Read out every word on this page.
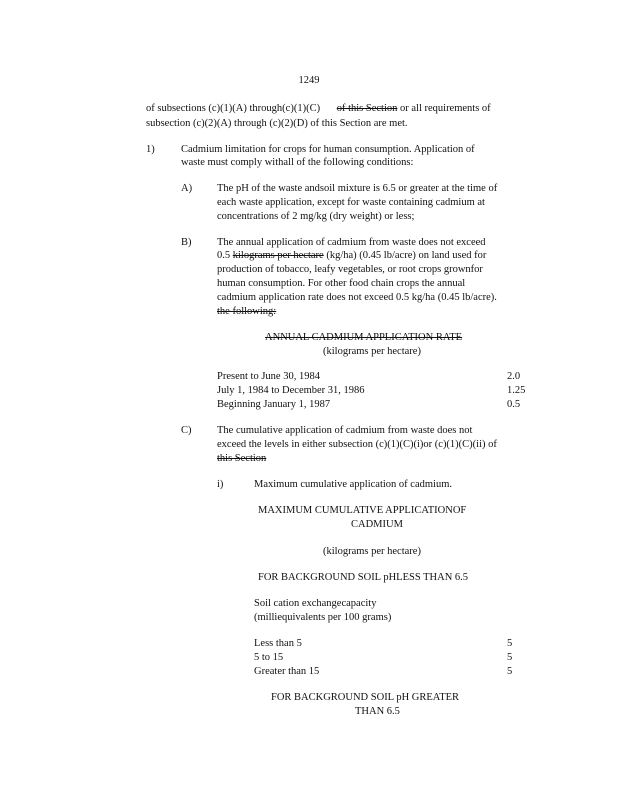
1249
of subsections (c)(1)(A) through(c)(1)(C) of this Section or all requirements of
subsection (c)(2)(A) through (c)(2)(D) of this Section are met.
1)	Cadmium limitation for crops for human consumption. Application of
waste must comply withall of the following conditions:
A) The pH of the waste andsoil mixture is 6.5 or greater at the time of
each waste application, except for waste containing cadmium at
concentrations of 2 mg/kg (dry weight) or less;
B) The annual application of cadmium from waste does not exceed
0.5 kilograms per hectare (kg/ha) (0.45 lb/acre) on land used for
production of tobacco, leafy vegetables, or root crops grownfor
human consumption. For other food chain crops the annual
cadmium application rate does not exceed 0.5 kg/ha (0.45 lb/acre).
the following:
ANNUAL CADMIUM APPLICATION RATE
(kilograms per hectare)
Present to June 30, 1984	2.0
July 1, 1984 to December 31, 1986	1.25
Beginning January 1, 1987	0.5
C) The cumulative application of cadmium from waste does not
exceed the levels in either subsection (c)(1)(C)(i)or (c)(1)(C)(ii) of
this Section
i)	Maximum cumulative application of cadmium.
MAXIMUM CUMULATIVE APPLICATIONOF
CADMIUM
(kilograms per hectare)
FOR BACKGROUND SOIL pHLESS THAN 6.5
Soil cation exchangecapacity
(milliequivalents per 100 grams)
Less than 5	5
5 to 15	5
Greater than 15	5
FOR BACKGROUND SOIL pH GREATER
THAN 6.5
